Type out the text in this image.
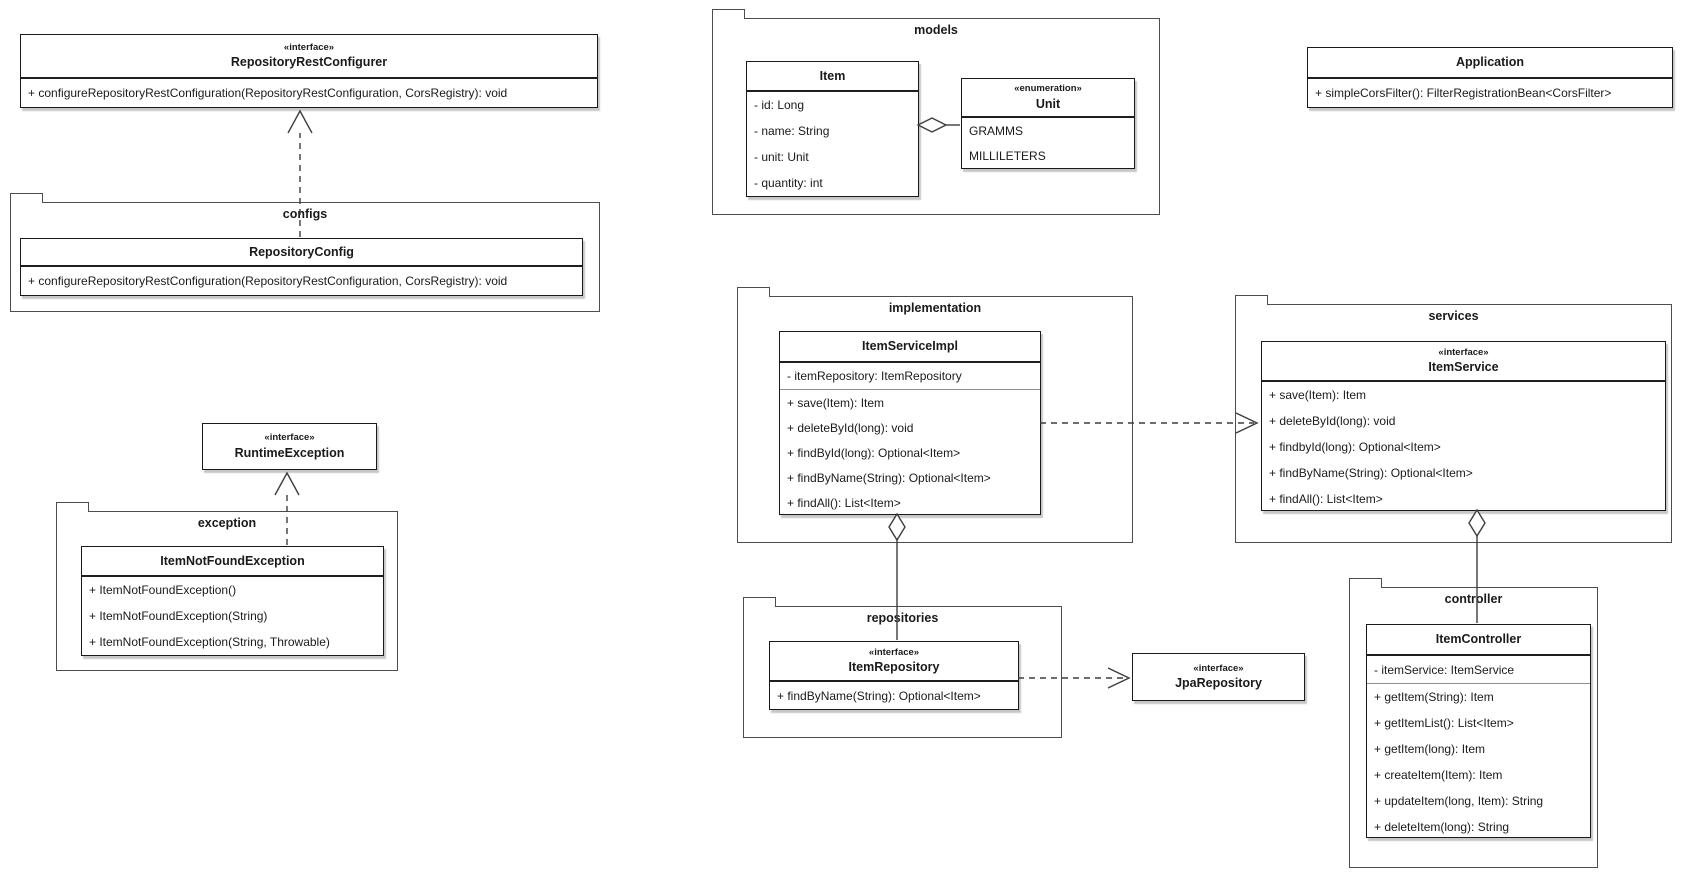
«interface»
RepositoryRestConfigurer
+ configureRepositoryRestConfiguration(RepositoryRestConfiguration, CorsRegistry): void
configs
RepositoryConfig
+ configureRepositoryRestConfiguration(RepositoryRestConfiguration, CorsRegistry): void
«interface»
RuntimeException
exception
ItemNotFoundException
+ ItemNotFoundException()
+ ItemNotFoundException(String)
+ ItemNotFoundException(String, Throwable)
models
Item
- id: Long
- name: String
- unit: Unit
- quantity: int
«enumeration»
Unit
GRAMMS
MILLILETERS
Application
+ simpleCorsFilter(): FilterRegistrationBean<CorsFilter>
implementation
ItemServiceImpl
- itemRepository: ItemRepository
+ save(Item): Item
+ deleteById(long): void
+ findById(long): Optional<Item>
+ findByName(String): Optional<Item>
+ findAll(): List<Item>
services
«interface»
ItemService
+ save(Item): Item
+ deleteById(long): void
+ findbyId(long): Optional<Item>
+ findByName(String): Optional<Item>
+ findAll(): List<Item>
repositories
«interface»
ItemRepository
+ findByName(String): Optional<Item>
«interface»
JpaRepository
controller
ItemController
- itemService: ItemService
+ getItem(String): Item
+ getItemList(): List<Item>
+ getItem(long): Item
+ createItem(Item): Item
+ updateItem(long, Item): String
+ deleteItem(long): String
